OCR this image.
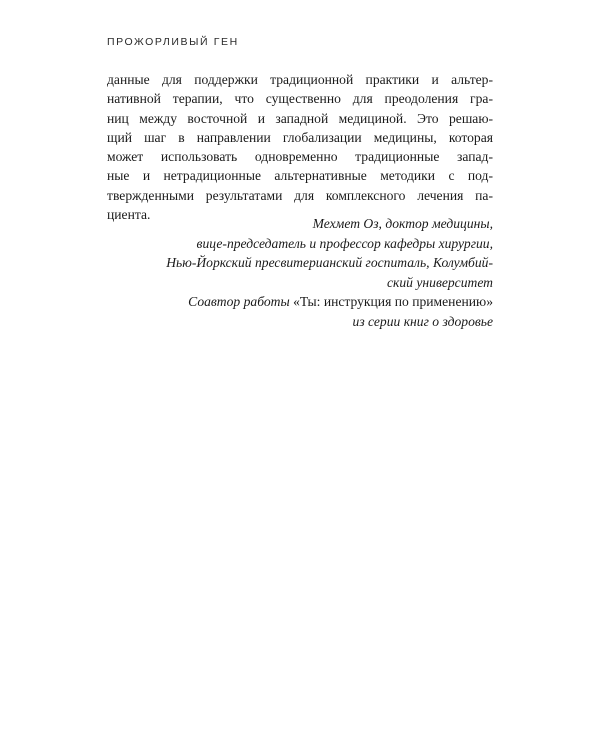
ПРОЖОРЛИВЫЙ ГЕН
данные для поддержки традиционной практики и альтер-
нативной терапии, что существенно для преодоления гра-
ниц между восточной и западной медициной. Это решаю-
щий шаг в направлении глобализации медицины, которая
может использовать одновременно традиционные запад-
ные и нетрадиционные альтернативные методики с под-
твержденными результатами для комплексного лечения па-
циента.
Мехмет Оз, доктор медицины,
вице-председатель и профессор кафедры хирургии,
Нью-Йоркский пресвитерианский госпиталь, Колумбий-
ский университет
Соавтор работы «Ты: инструкция по применению»
из серии книг о здоровье
